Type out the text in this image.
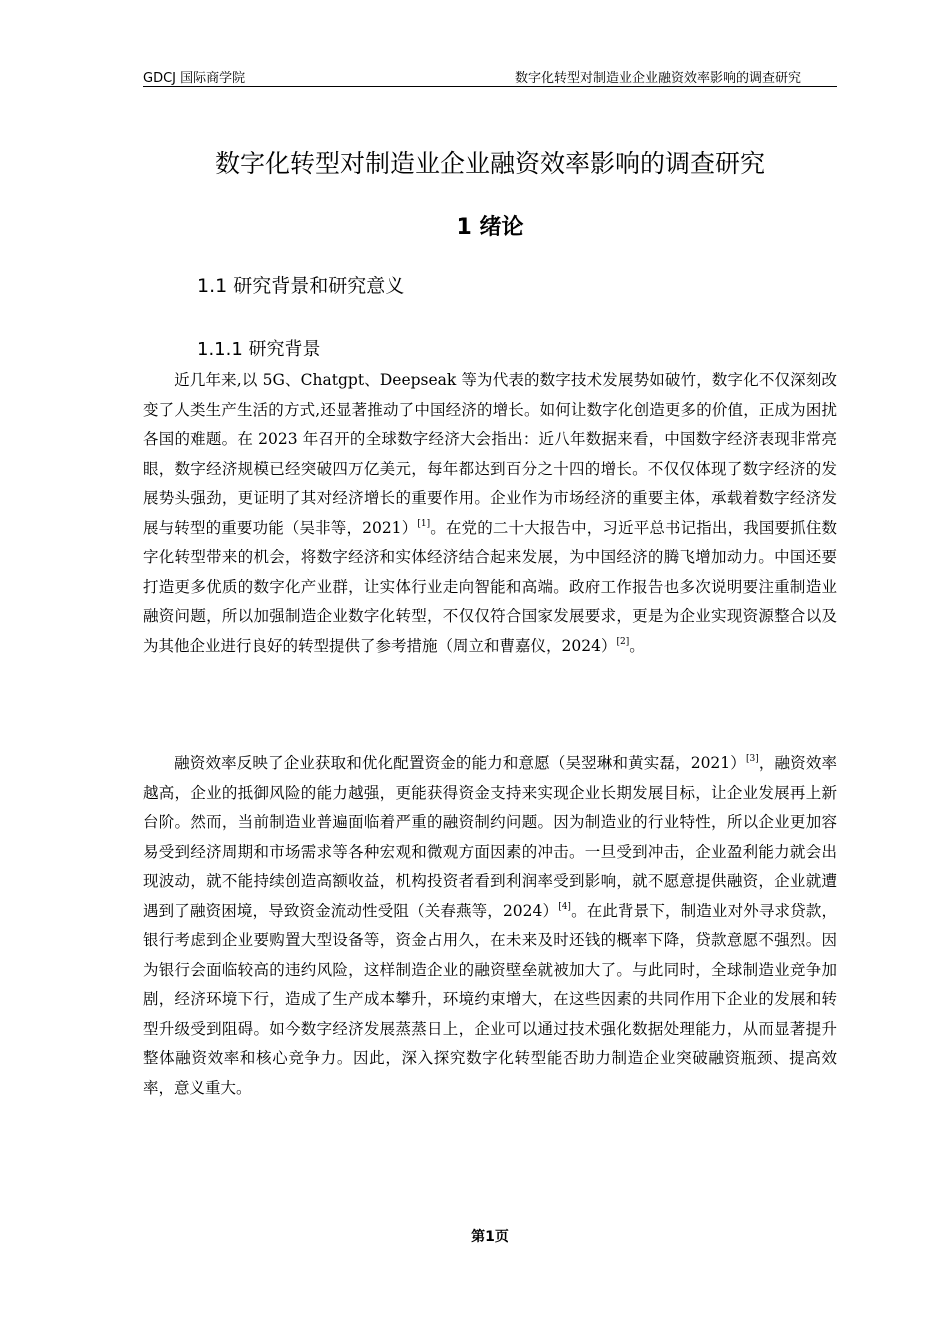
GDCJ 国际商学院	数字化转型对制造业企业融资效率影响的调查研究
数字化转型对制造业企业融资效率影响的调查研究
1 绪论
1.1 研究背景和研究意义
1.1.1 研究背景

近几年来,以 5G、Chatgpt、Deepseak 等为代表的数字技术发展势如破竹，数字化不仅深刻改变了人类生产生活的方式,还显著推动了中国经济的增长。如何让数字化创造更多的价值，正成为困扰各国的难题。在 2023 年召开的全球数字经济大会指出：近八年数据来看，中国数字经济表现非常亮眼，数字经济规模已经突破四万亿美元，每年都达到百分之十四的增长。不仅仅体现了数字经济的发展势头强劲，更证明了其对经济增长的重要作用。企业作为市场经济的重要主体，承载着数字经济发展与转型的重要功能（吴非等，2021）[1]。在党的二十大报告中，习近平总书记指出，我国要抓住数字化转型带来的机会，将数字经济和实体经济结合起来发展，为中国经济的腾飞增加动力。中国还要打造更多优质的数字化产业群，让实体行业走向智能和高端。政府工作报告也多次说明要注重制造业融资问题，所以加强制造企业数字化转型，不仅仅符合国家发展要求，更是为企业实现资源整合以及为其他企业进行良好的转型提供了参考措施（周立和曹嘉仪，2024）[2]。

融资效率反映了企业获取和优化配置资金的能力和意愿（吴翌琳和黄实磊，2021）[3]，融资效率越高，企业的抵御风险的能力越强，更能获得资金支持来实现企业长期发展目标，让企业发展再上新台阶。然而，当前制造业普遍面临着严重的融资制约问题。因为制造业的行业特性，所以企业更加容易受到经济周期和市场需求等各种宏观和微观方面因素的冲击。一旦受到冲击，企业盈利能力就会出现波动，就不能持续创造高额收益，机构投资者看到利润率受到影响，就不愿意提供融资，企业就遭遇到了融资困境，导致资金流动性受阻（关春燕等，2024）[4]。在此背景下，制造业对外寻求贷款，银行考虑到企业要购置大型设备等，资金占用久，在未来及时还钱的概率下降，贷款意愿不强烈。因为银行会面临较高的违约风险，这样制造企业的融资壁垒就被加大了。与此同时，全球制造业竞争加剧，经济环境下行，造成了生产成本攀升，环境约束增大，在这些因素的共同作用下企业的发展和转型升级受到阻碍。如今数字经济发展蒸蒸日上，企业可以通过技术强化数据处理能力，从而显著提升整体融资效率和核心竞争力。因此，深入探究数字化转型能否助力制造企业突破融资瓶颈、提高效率，意义重大。

第1页
